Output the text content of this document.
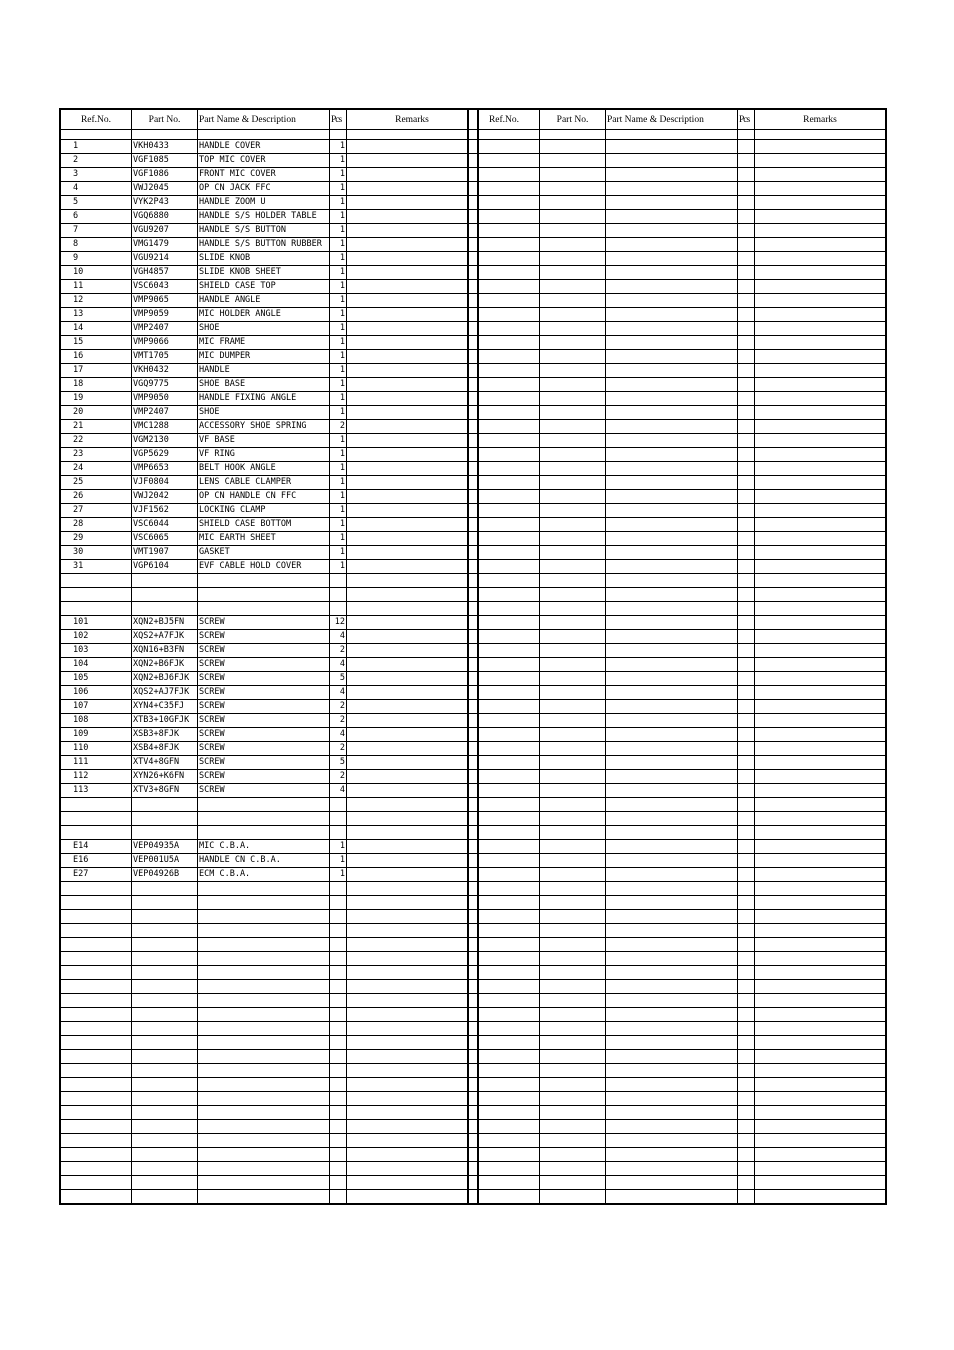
Ref.No.	Part No.	Part Name & Description	Pcs	Remarks

1	VKH0433	HANDLE COVER	1	
2	VGF1085	TOP MIC COVER	1	
3	VGF1086	FRONT MIC COVER	1	
4	VWJ2045	OP CN JACK FFC	1	
5	VYK2P43	HANDLE ZOOM U	1	
6	VGQ6880	HANDLE S/S HOLDER TABLE	1	
7	VGU9207	HANDLE S/S BUTTON	1	
8	VMG1479	HANDLE S/S BUTTON RUBBER	1	
9	VGU9214	SLIDE KNOB	1	
10	VGH4857	SLIDE KNOB SHEET	1	
11	VSC6043	SHIELD CASE TOP	1	
12	VMP9065	HANDLE ANGLE	1	
13	VMP9059	MIC HOLDER ANGLE	1	
14	VMP2407	SHOE	1	
15	VMP9066	MIC FRAME	1	
16	VMT1705	MIC DUMPER	1	
17	VKH0432	HANDLE	1	
18	VGQ9775	SHOE BASE	1	
19	VMP9050	HANDLE FIXING ANGLE	1	
20	VMP2407	SHOE	1	
21	VMC1288	ACCESSORY SHOE SPRING	2	
22	VGM2130	VF BASE	1	
23	VGP5629	VF RING	1	
24	VMP6653	BELT HOOK ANGLE	1	
25	VJF0804	LENS CABLE CLAMPER	1	
26	VWJ2042	OP CN HANDLE CN FFC	1	
27	VJF1562	LOCKING CLAMP	1	
28	VSC6044	SHIELD CASE BOTTOM	1	
29	VSC6065	MIC EARTH SHEET	1	
30	VMT1907	GASKET	1	
31	VGP6104	EVF CABLE HOLD COVER	1	

101	XQN2+BJ5FN	SCREW	12	
102	XQS2+A7FJK	SCREW	4	
103	XQN16+B3FN	SCREW	2	
104	XQN2+B6FJK	SCREW	4	
105	XQN2+BJ6FJK	SCREW	5	
106	XQS2+AJ7FJK	SCREW	4	
107	XYN4+C35FJ	SCREW	2	
108	XTB3+10GFJK	SCREW	2	
109	XSB3+8FJK	SCREW	4	
110	XSB4+8FJK	SCREW	2	
111	XTV4+8GFN	SCREW	5	
112	XYN26+K6FN	SCREW	2	
113	XTV3+8GFN	SCREW	4	

E14	VEP04935A	MIC C.B.A.	1	
E16	VEP001U5A	HANDLE CN C.B.A.	1	
E27	VEP04926B	ECM C.B.A.	1	

Ref.No.	Part No.	Part Name & Description	Pcs	Remarks
